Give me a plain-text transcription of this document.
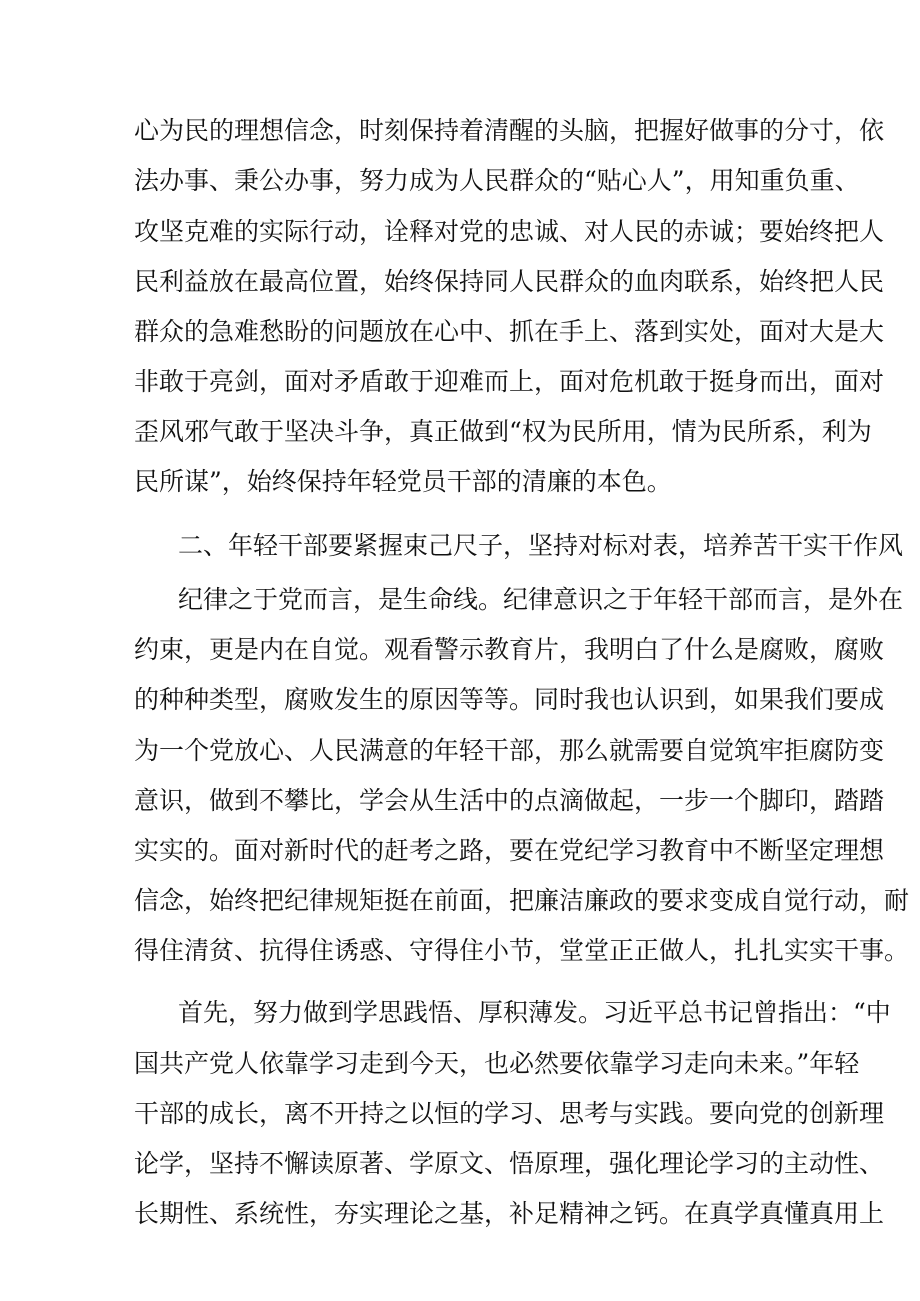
心为民的理想信念，时刻保持着清醒的头脑，把握好做事的分寸，依
法办事、秉公办事，努力成为人民群众的“贴心人”，用知重负重、
攻坚克难的实际行动，诠释对党的忠诚、对人民的赤诚；要始终把人
民利益放在最高位置，始终保持同人民群众的血肉联系，始终把人民
群众的急难愁盼的问题放在心中、抓在手上、落到实处，面对大是大
非敢于亮剑，面对矛盾敢于迎难而上，面对危机敢于挺身而出，面对
歪风邪气敢于坚决斗争，真正做到“权为民所用，情为民所系，利为
民所谋”，始终保持年轻党员干部的清廉的本色。
二、年轻干部要紧握束己尺子，坚持对标对表，培养苦干实干作风
纪律之于党而言，是生命线。纪律意识之于年轻干部而言，是外在
约束，更是内在自觉。观看警示教育片，我明白了什么是腐败，腐败
的种种类型，腐败发生的原因等等。同时我也认识到，如果我们要成
为一个党放心、人民满意的年轻干部，那么就需要自觉筑牢拒腐防变
意识，做到不攀比，学会从生活中的点滴做起，一步一个脚印，踏踏
实实的。面对新时代的赶考之路，要在党纪学习教育中不断坚定理想
信念，始终把纪律规矩挺在前面，把廉洁廉政的要求变成自觉行动，耐
得住清贫、抗得住诱惑、守得住小节，堂堂正正做人，扎扎实实干事。
首先，努力做到学思践悟、厚积薄发。习近平总书记曾指出：“中
国共产党人依靠学习走到今天，也必然要依靠学习走向未来。”年轻
干部的成长，离不开持之以恒的学习、思考与实践。要向党的创新理
论学，坚持不懈读原著、学原文、悟原理，强化理论学习的主动性、
长期性、系统性，夯实理论之基，补足精神之钙。在真学真懂真用上
